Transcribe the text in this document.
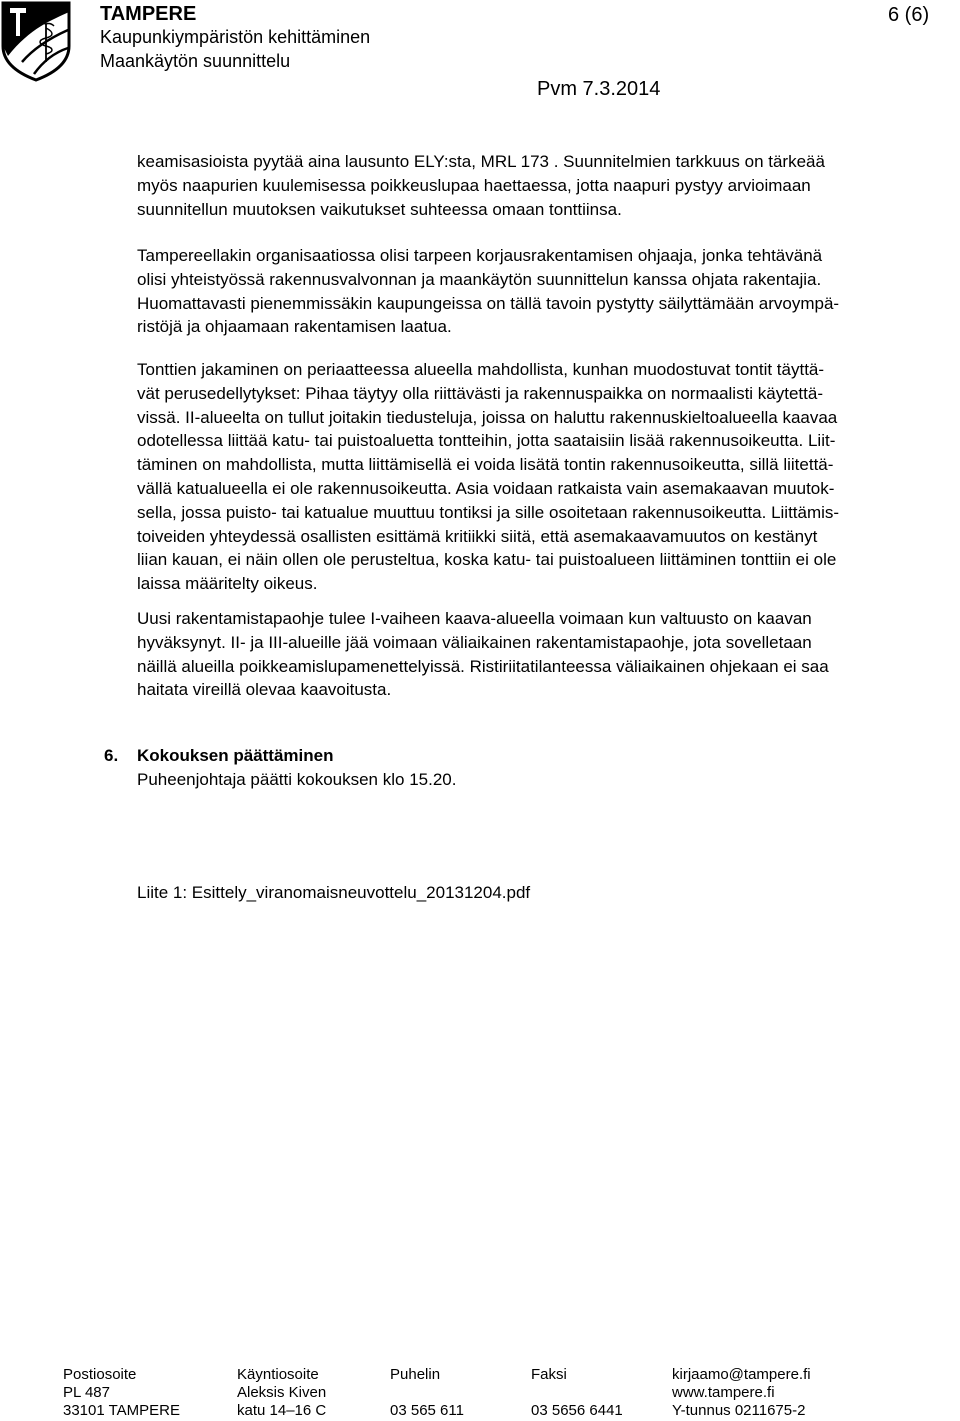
TAMPERE
Kaupunkiympäristön kehittäminen
Maankäytön suunnittelu
6 (6)
Pvm 7.3.2014
keamisasioista pyytää aina lausunto ELY:sta, MRL 173 . Suunnitelmien tarkkuus on tärkeää
myös naapurien kuulemisessa poikkeuslupaa haettaessa, jotta naapuri pystyy arvioimaan
suunnitellun muutoksen vaikutukset suhteessa omaan tonttiinsa.
Tampereellakin organisaatiossa olisi tarpeen korjausrakentamisen ohjaaja, jonka tehtävänä
olisi yhteistyössä rakennusvalvonnan ja maankäytön suunnittelun kanssa ohjata rakentajia.
Huomattavasti pienemmissäkin kaupungeissa on tällä tavoin pystytty säilyttämään arvoympä-
ristöjä ja ohjaamaan rakentamisen laatua.
Tonttien jakaminen on periaatteessa alueella mahdollista, kunhan muodostuvat tontit täyttä-
vät perusedellytykset: Pihaa täytyy olla riittävästi ja rakennuspaikka on normaalisti käytettä-
vissä. II-alueelta on tullut joitakin tiedusteluja, joissa on haluttu rakennuskieltoalueella kaavaa
odotellessa liittää katu- tai puistoaluetta tontteihin, jotta saataisiin lisää rakennusoikeutta. Liit-
täminen on mahdollista, mutta liittämisellä ei voida lisätä tontin rakennusoikeutta, sillä liitettä-
vällä katualueella ei ole rakennusoikeutta. Asia voidaan ratkaista vain asemakaavan muutok-
sella, jossa puisto- tai katualue muuttuu tontiksi ja sille osoitetaan rakennusoikeutta. Liittämis-
toiveiden yhteydessä osallisten esittämä kritiikki siitä, että asemakaavamuutos on kestänyt
liian kauan, ei näin ollen ole perusteltua, koska katu- tai puistoalueen liittäminen tonttiin ei ole
laissa määritelty oikeus.
Uusi rakentamistapaohje tulee I-vaiheen kaava-alueella voimaan kun valtuusto on kaavan
hyväksynyt. II- ja III-alueille jää voimaan väliaikainen rakentamistapaohje, jota sovelletaan
näillä alueilla poikkeamislupamenettelyissä. Ristiriitatilanteessa väliaikainen ohjekaan ei saa
haitata vireillä olevaa kaavoitusta.
6. Kokouksen päättäminen
Puheenjohtaja päätti kokouksen klo 15.20.
Liite 1: Esittely_viranomaisneuvottelu_20131204.pdf
Postiosoite
PL 487
33101 TAMPERE
Käyntiosoite
Aleksis Kiven
katu 14–16 C
Puhelin

03 565 611
Faksi

03 5656 6441
kirjaamo@tampere.fi
www.tampere.fi
Y-tunnus 0211675-2
